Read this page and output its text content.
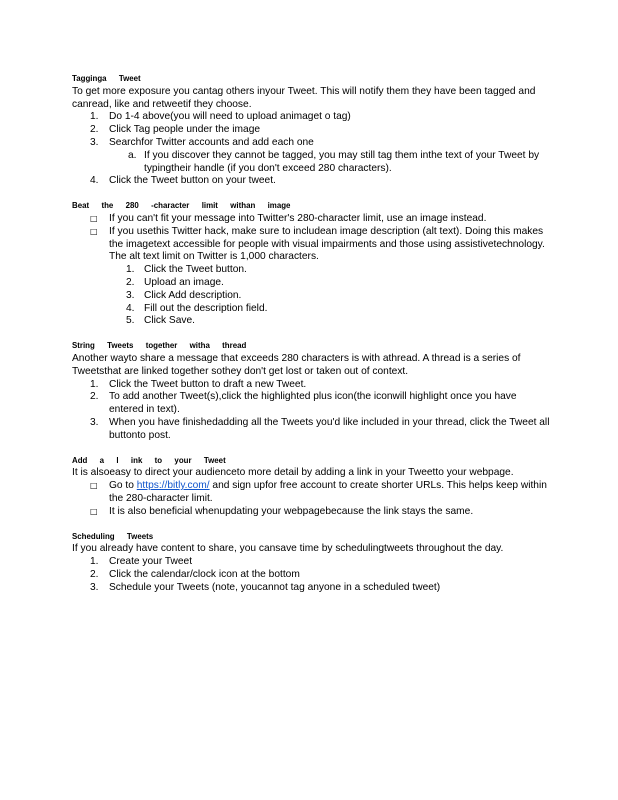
Tagginga Tweet

To get more exposure you cantag others inyour Tweet. This will notify them they have been tagged and canread, like and retweetif they choose.

1. Do 1-4 above(you will need to upload animaget o tag)
2. Click Tag people under the image
3. Searchfor Twitter accounts and add each one
a. If you discover they cannot be tagged, you may still tag them inthe text of your Tweet by typingtheir handle (if you don't exceed 280 characters).
4. Click the Tweet button on your tweet.
Beat the 280 -character limit withan image
□ If you can't fit your message into Twitter's 280-character limit, use an image instead.
□ If you usethis Twitter hack, make sure to includean image description (alt text). Doing this makes the imagetext accessible for people with visual impairments and those using assistivetechnology. The alt text limit on Twitter is 1,000 characters.
1. Click the Tweet button.
2. Upload an image.
3. Click Add description.
4. Fill out the description field.
5. Click Save.
String Tweets together witha thread

Another wayto share a message that exceeds 280 characters is with athread. A thread is a series of Tweetsthat are linked together sothey don't get lost or taken out of context.

1. Click the Tweet button to draft a new Tweet.
2. To add another Tweet(s),click the highlighted plus icon(the iconwill highlight once you have entered in text).
3. When you have finishedadding all the Tweets you'd like included in your thread, click the Tweet all buttonto post.
Add a l ink to your Tweet

It is alsoeasy to direct your audienceto more detail by adding a link in your Tweetto your webpage.

□ Go to https://bitly.com/ and sign upfor free account to create shorter URLs. This helps keep within the 280-character limit.
□ It is also beneficial whenupdating your webpagebecause the link stays the same.
Scheduling Tweets

If you already have content to share, you cansave time by schedulingtweets throughout the day.

1. Create your Tweet
2. Click the calendar/clock icon at the bottom
3. Schedule your Tweets (note, youcannot tag anyone in a scheduled tweet)
